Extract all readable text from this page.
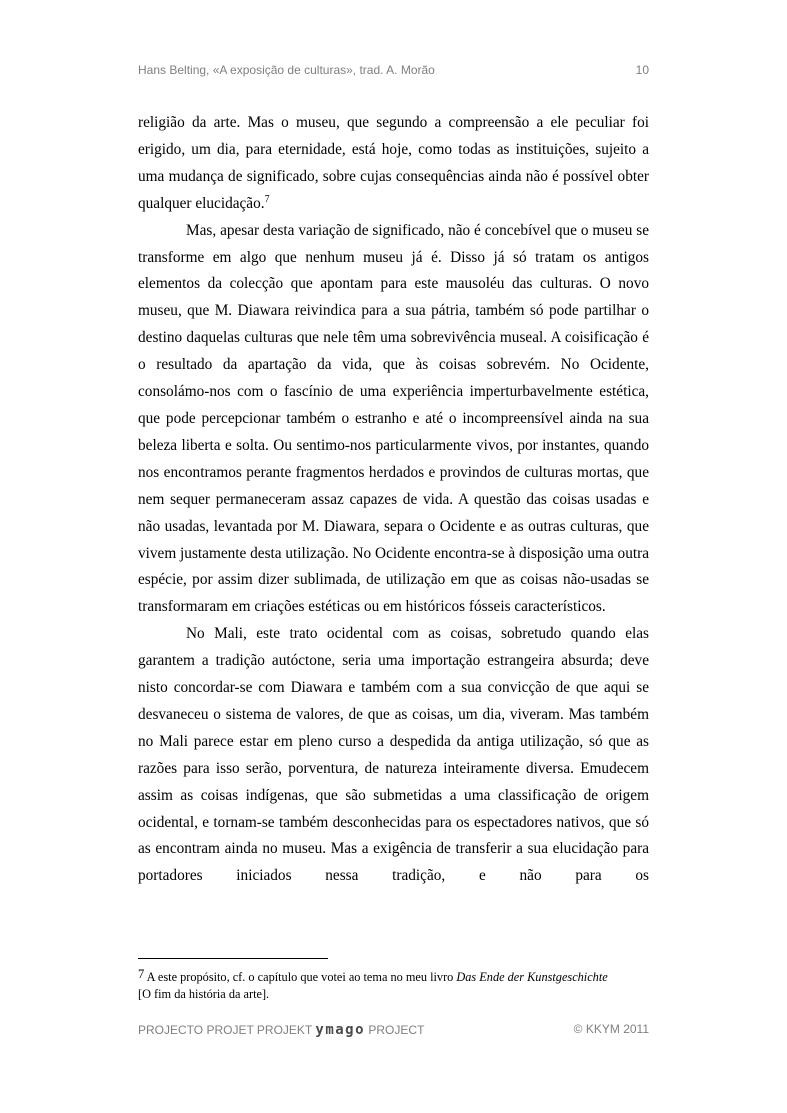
Hans Belting, «A exposição de culturas», trad. A. Morão	10

religião da arte. Mas o museu, que segundo a compreensão a ele peculiar foi erigido, um dia, para eternidade, está hoje, como todas as instituições, sujeito a uma mudança de significado, sobre cujas consequências ainda não é possível obter qualquer elucidação.$^7$

Mas, apesar desta variação de significado, não é concebível que o museu se transforme em algo que nenhum museu já é. Disso já só tratam os antigos elementos da colecção que apontam para este mausoléu das culturas. O novo museu, que M. Diawara reivindica para a sua pátria, também só pode partilhar o destino daquelas culturas que nele têm uma sobrevivência museal. A coisificação é o resultado da apartação da vida, que às coisas sobrevém. No Ocidente, consolámo-nos com o fascínio de uma experiência imperturbavelmente estética, que pode percepcionar também o estranho e até o incompreensível ainda na sua beleza liberta e solta. Ou sentimo-nos particularmente vivos, por instantes, quando nos encontramos perante fragmentos herdados e provindos de culturas mortas, que nem sequer permaneceram assaz capazes de vida. A questão das coisas usadas e não usadas, levantada por M. Diawara, separa o Ocidente e as outras culturas, que vivem justamente desta utilização. No Ocidente encontra-se à disposição uma outra espécie, por assim dizer sublimada, de utilização em que as coisas não-usadas se transformaram em criações estéticas ou em históricos fósseis característicos.

No Mali, este trato ocidental com as coisas, sobretudo quando elas garantem a tradição autóctone, seria uma importação estrangeira absurda; deve nisto concordar-se com Diawara e também com a sua convicção de que aqui se desvaneceu o sistema de valores, de que as coisas, um dia, viveram. Mas também no Mali parece estar em pleno curso a despedida da antiga utilização, só que as razões para isso serão, porventura, de natureza inteiramente diversa. Emudecem assim as coisas indígenas, que são submetidas a uma classificação de origem ocidental, e tornam-se também desconhecidas para os espectadores nativos, que só as encontram ainda no museu. Mas a exigência de transferir a sua elucidação para portadores iniciados nessa tradição, e não para os

7 A este propósito, cf. o capítulo que votei ao tema no meu livro Das Ende der Kunstgeschichte
[O fim da história da arte].
PROJECTO PROJET PROJEKT ymago PROJECT	© KKYM 2011
